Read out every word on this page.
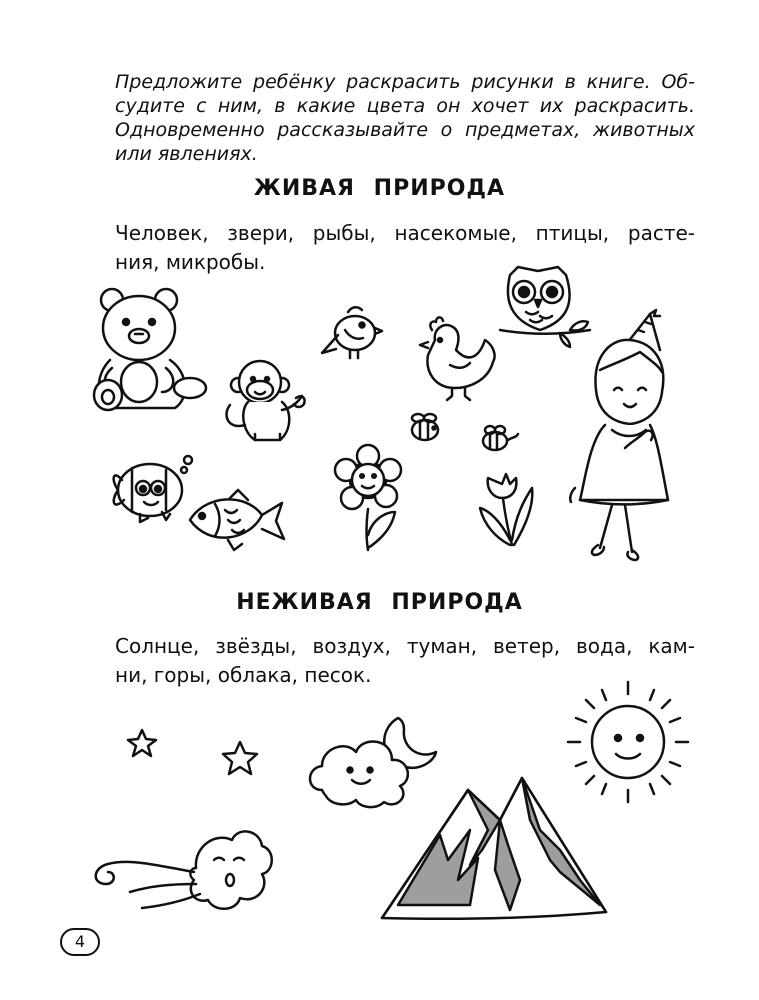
Предложите ребёнку раскрасить рисунки в книге. Об-
судите с ним, в какие цвета он хочет их раскрасить.
Одновременно рассказывайте о предметах, животных
или явлениях.
ЖИВАЯ ПРИРОДА
Человек, звери, рыбы, насекомые, птицы, расте-
ния, микробы.
НЕЖИВАЯ ПРИРОДА
Солнце, звёзды, воздух, туман, ветер, вода, кам-
ни, горы, облака, песок.
4
